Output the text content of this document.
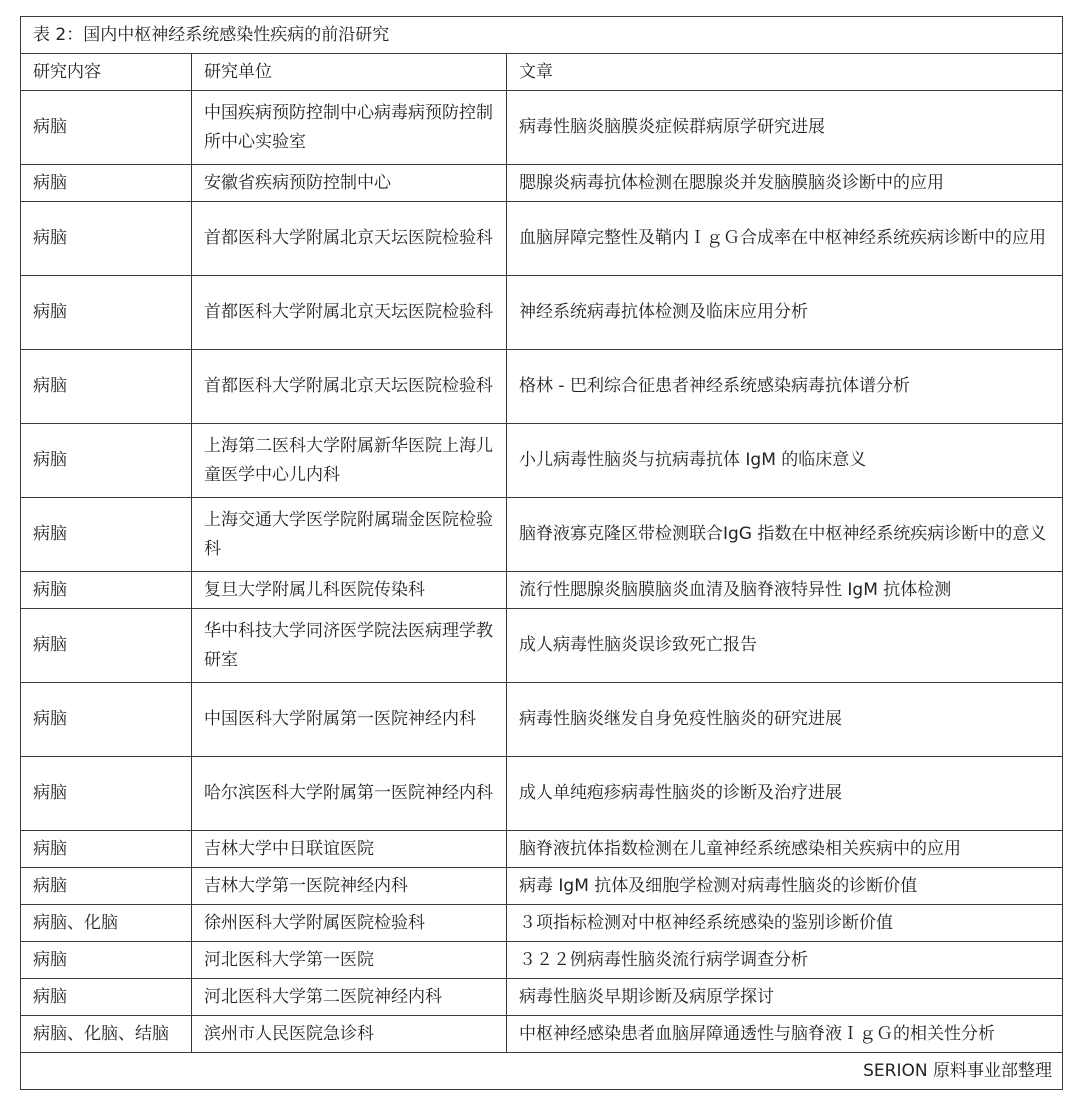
表 2：国内中枢神经系统感染性疾病的前沿研究		
研究内容	研究单位	文章
病脑	中国疾病预防控制中心病毒病预防控制所中心实验室	病毒性脑炎脑膜炎症候群病原学研究进展
病脑	安徽省疾病预防控制中心	腮腺炎病毒抗体检测在腮腺炎并发脑膜脑炎诊断中的应用
病脑	首都医科大学附属北京天坛医院检验科	血脑屏障完整性及鞘内ＩｇＧ合成率在中枢神经系统疾病诊断中的应用
病脑	首都医科大学附属北京天坛医院检验科	神经系统病毒抗体检测及临床应用分析
病脑	首都医科大学附属北京天坛医院检验科	格林 - 巴利综合征患者神经系统感染病毒抗体谱分析
病脑	上海第二医科大学附属新华医院上海儿童医学中心儿内科	小儿病毒性脑炎与抗病毒抗体 IgM 的临床意义
病脑	上海交通大学医学院附属瑞金医院检验科	脑脊液寡克隆区带检测联合IgG 指数在中枢神经系统疾病诊断中的意义
病脑	复旦大学附属儿科医院传染科	流行性腮腺炎脑膜脑炎血清及脑脊液特异性 IgM 抗体检测
病脑	华中科技大学同济医学院法医病理学教研室	成人病毒性脑炎误诊致死亡报告
病脑	中国医科大学附属第一医院神经内科	病毒性脑炎继发自身免疫性脑炎的研究进展
病脑	哈尔滨医科大学附属第一医院神经内科	成人单纯疱疹病毒性脑炎的诊断及治疗进展
病脑	吉林大学中日联谊医院	脑脊液抗体指数检测在儿童神经系统感染相关疾病中的应用
病脑	吉林大学第一医院神经内科	病毒 IgM 抗体及细胞学检测对病毒性脑炎的诊断价值
病脑、化脑	徐州医科大学附属医院检验科	３项指标检测对中枢神经系统感染的鉴别诊断价值
病脑	河北医科大学第一医院	３２２例病毒性脑炎流行病学调查分析
病脑	河北医科大学第二医院神经内科	病毒性脑炎早期诊断及病原学探讨
病脑、化脑、结脑	滨州市人民医院急诊科	中枢神经感染患者血脑屏障通透性与脑脊液ＩｇＧ的相关性分析
SERION 原料事业部整理		
